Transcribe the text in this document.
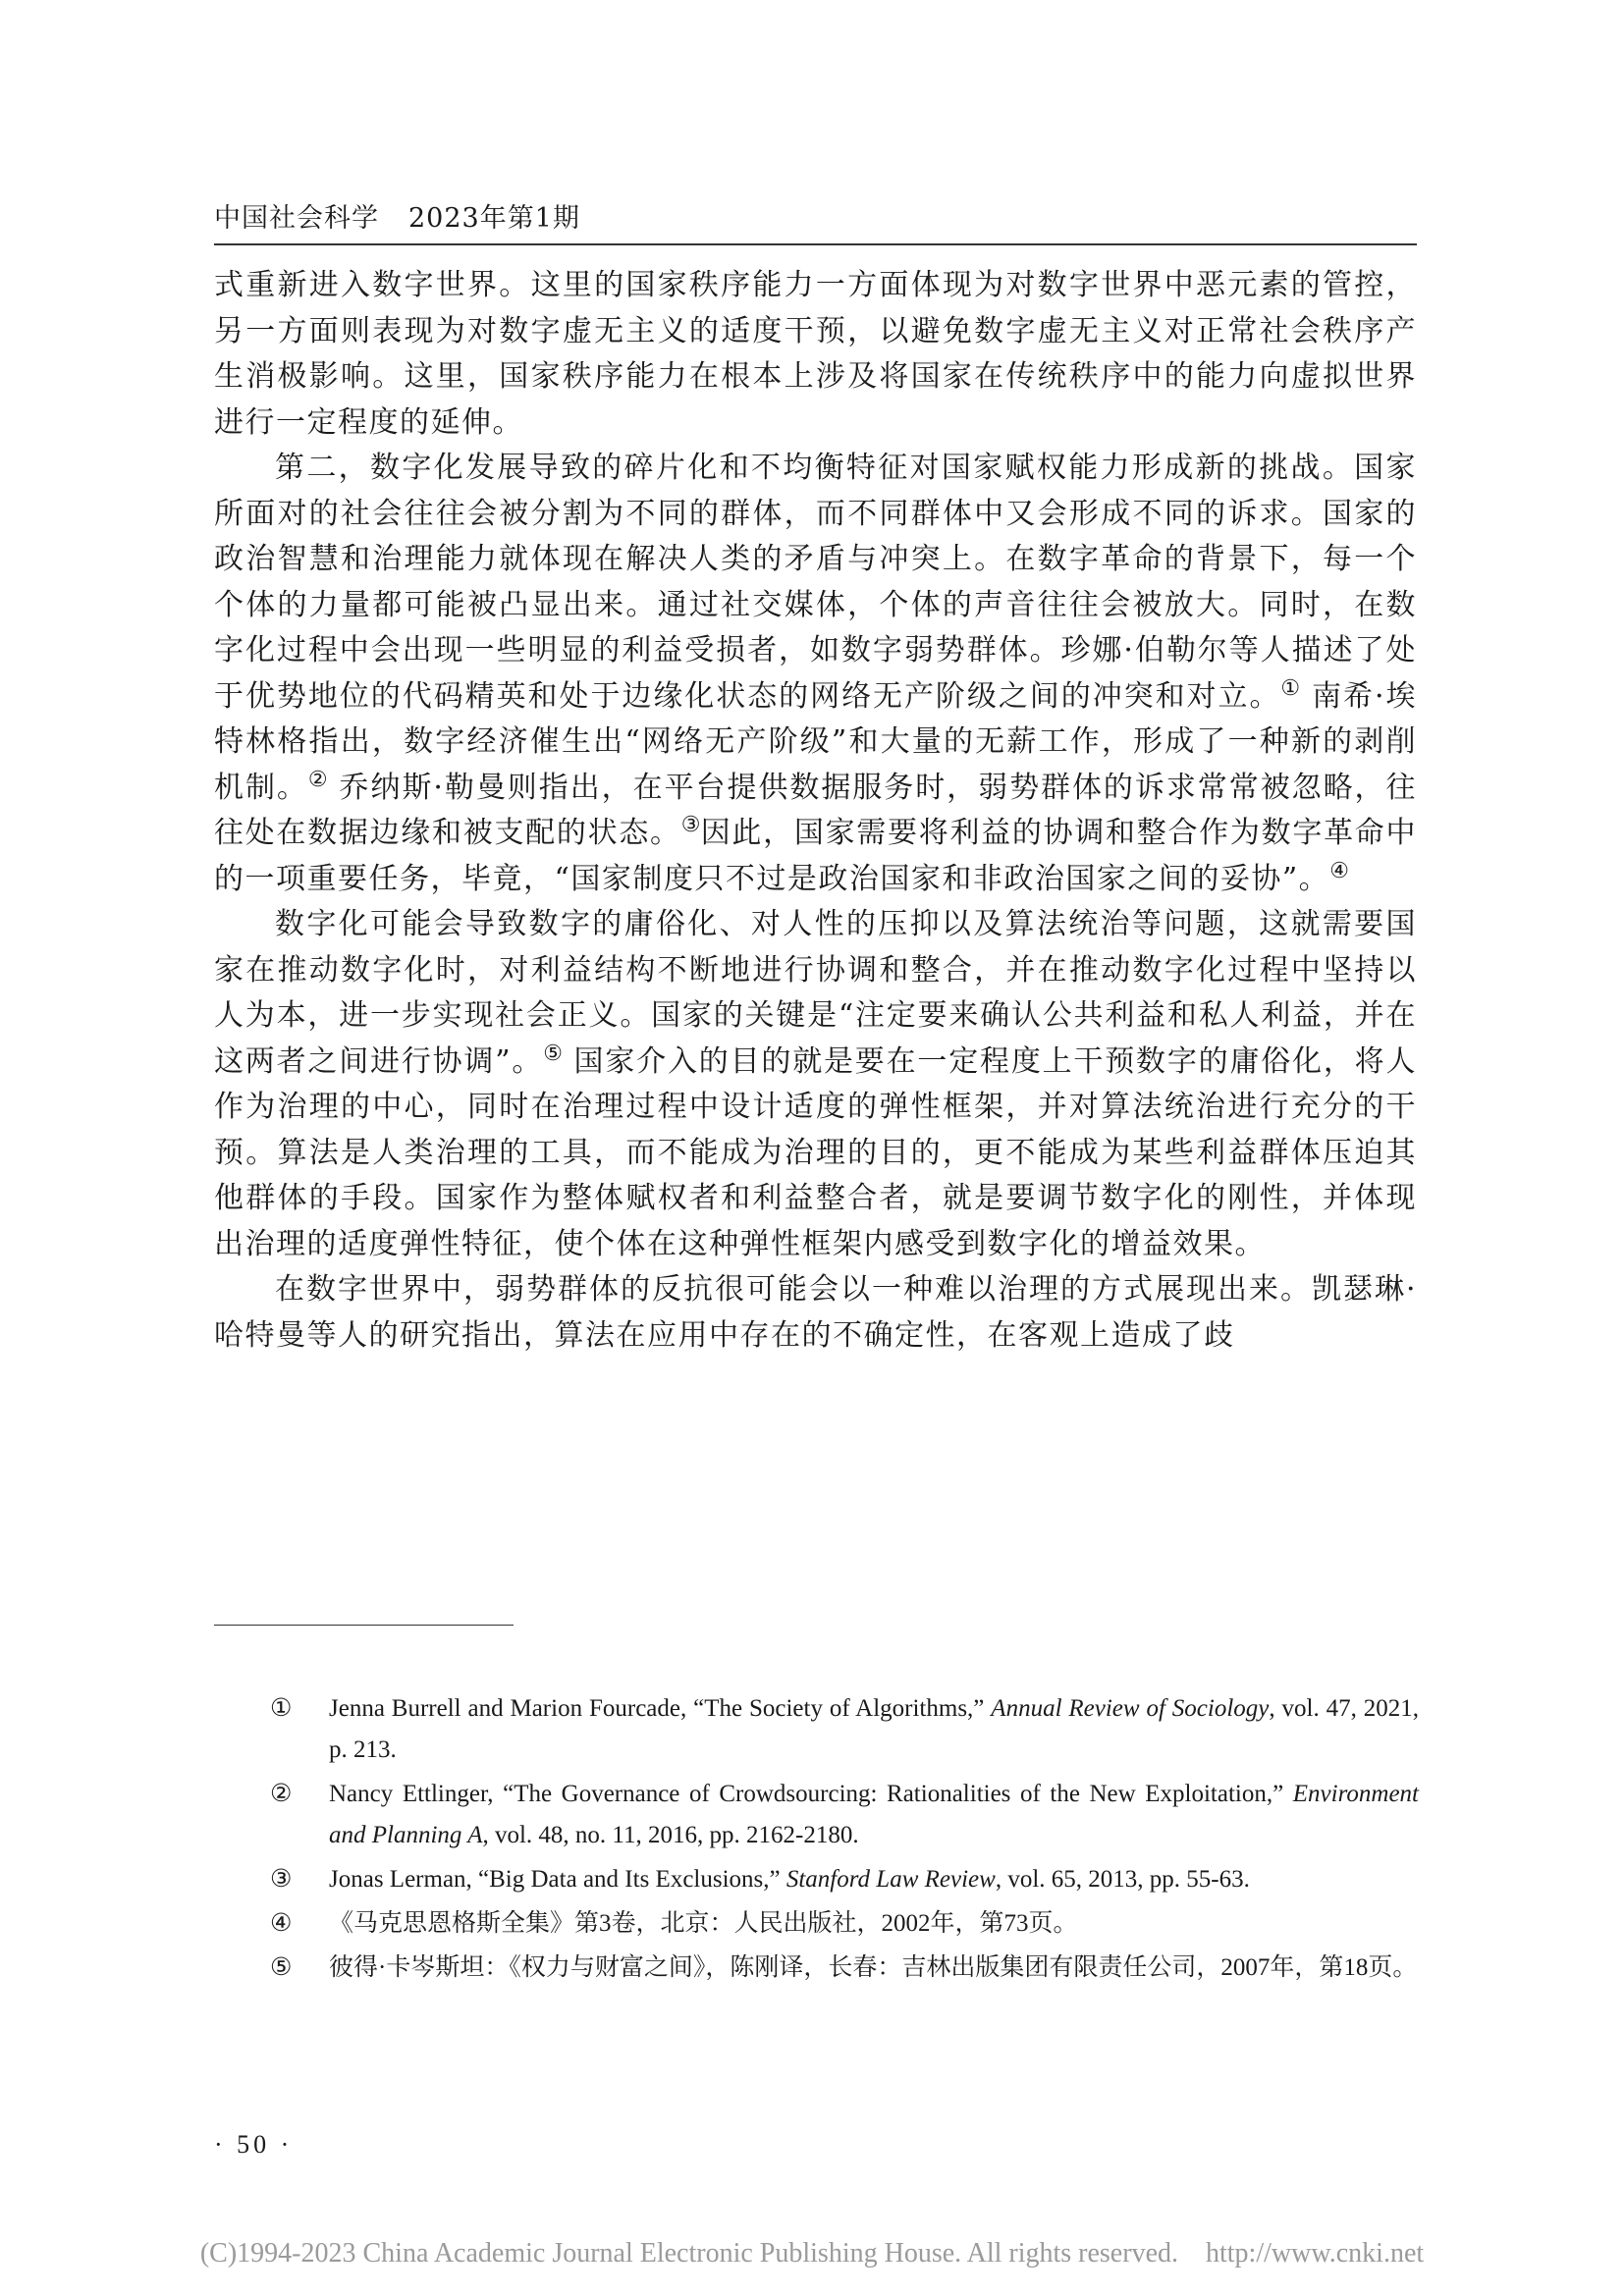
中国社会科学 2023年第1期

式重新进入数字世界。这里的国家秩序能力一方面体现为对数字世界中恶元素的管控，另一方面则表现为对数字虚无主义的适度干预，以避免数字虚无主义对正常社会秩序产生消极影响。这里，国家秩序能力在根本上涉及将国家在传统秩序中的能力向虚拟世界进行一定程度的延伸。

第二，数字化发展导致的碎片化和不均衡特征对国家赋权能力形成新的挑战。国家所面对的社会往往会被分割为不同的群体，而不同群体中又会形成不同的诉求。国家的政治智慧和治理能力就体现在解决人类的矛盾与冲突上。在数字革命的背景下，每一个个体的力量都可能被凸显出来。通过社交媒体，个体的声音往往会被放大。同时，在数字化过程中会出现一些明显的利益受损者，如数字弱势群体。珍娜·伯勒尔等人描述了处于优势地位的代码精英和处于边缘化状态的网络无产阶级之间的冲突和对立。① 南希·埃特林格指出，数字经济催生出“网络无产阶级”和大量的无薪工作，形成了一种新的剥削机制。② 乔纳斯·勒曼则指出，在平台提供数据服务时，弱势群体的诉求常常被忽略，往往处在数据边缘和被支配的状态。③因此，国家需要将利益的协调和整合作为数字革命中的一项重要任务，毕竟，“国家制度只不过是政治国家和非政治国家之间的妥协”。④

数字化可能会导致数字的庸俗化、对人性的压抑以及算法统治等问题，这就需要国家在推动数字化时，对利益结构不断地进行协调和整合，并在推动数字化过程中坚持以人为本，进一步实现社会正义。国家的关键是“注定要来确认公共利益和私人利益，并在这两者之间进行协调”。⑤ 国家介入的目的就是要在一定程度上干预数字的庸俗化，将人作为治理的中心，同时在治理过程中设计适度的弹性框架，并对算法统治进行充分的干预。算法是人类治理的工具，而不能成为治理的目的，更不能成为某些利益群体压迫其他群体的手段。国家作为整体赋权者和利益整合者，就是要调节数字化的刚性，并体现出治理的适度弹性特征，使个体在这种弹性框架内感受到数字化的增益效果。

在数字世界中，弱势群体的反抗很可能会以一种难以治理的方式展现出来。凯瑟琳·哈特曼等人的研究指出，算法在应用中存在的不确定性，在客观上造成了歧

① Jenna Burrell and Marion Fourcade, “The Society of Algorithms,” Annual Review of Sociology, vol. 47, 2021, p. 213.
② Nancy Ettlinger, “The Governance of Crowdsourcing: Rationalities of the New Exploitation,” Environment and Planning A, vol. 48, no. 11, 2016, pp. 2162-2180.
③ Jonas Lerman, “Big Data and Its Exclusions,” Stanford Law Review, vol. 65, 2013, pp. 55-63.
④ 《马克思恩格斯全集》第3卷，北京：人民出版社，2002年，第73页。
⑤ 彼得·卡岑斯坦：《权力与财富之间》，陈刚译，长春：吉林出版集团有限责任公司，2007年，第18页。
· 50 ·
(C)1994-2023 China Academic Journal Electronic Publishing House. All rights reserved. http://www.cnki.net
